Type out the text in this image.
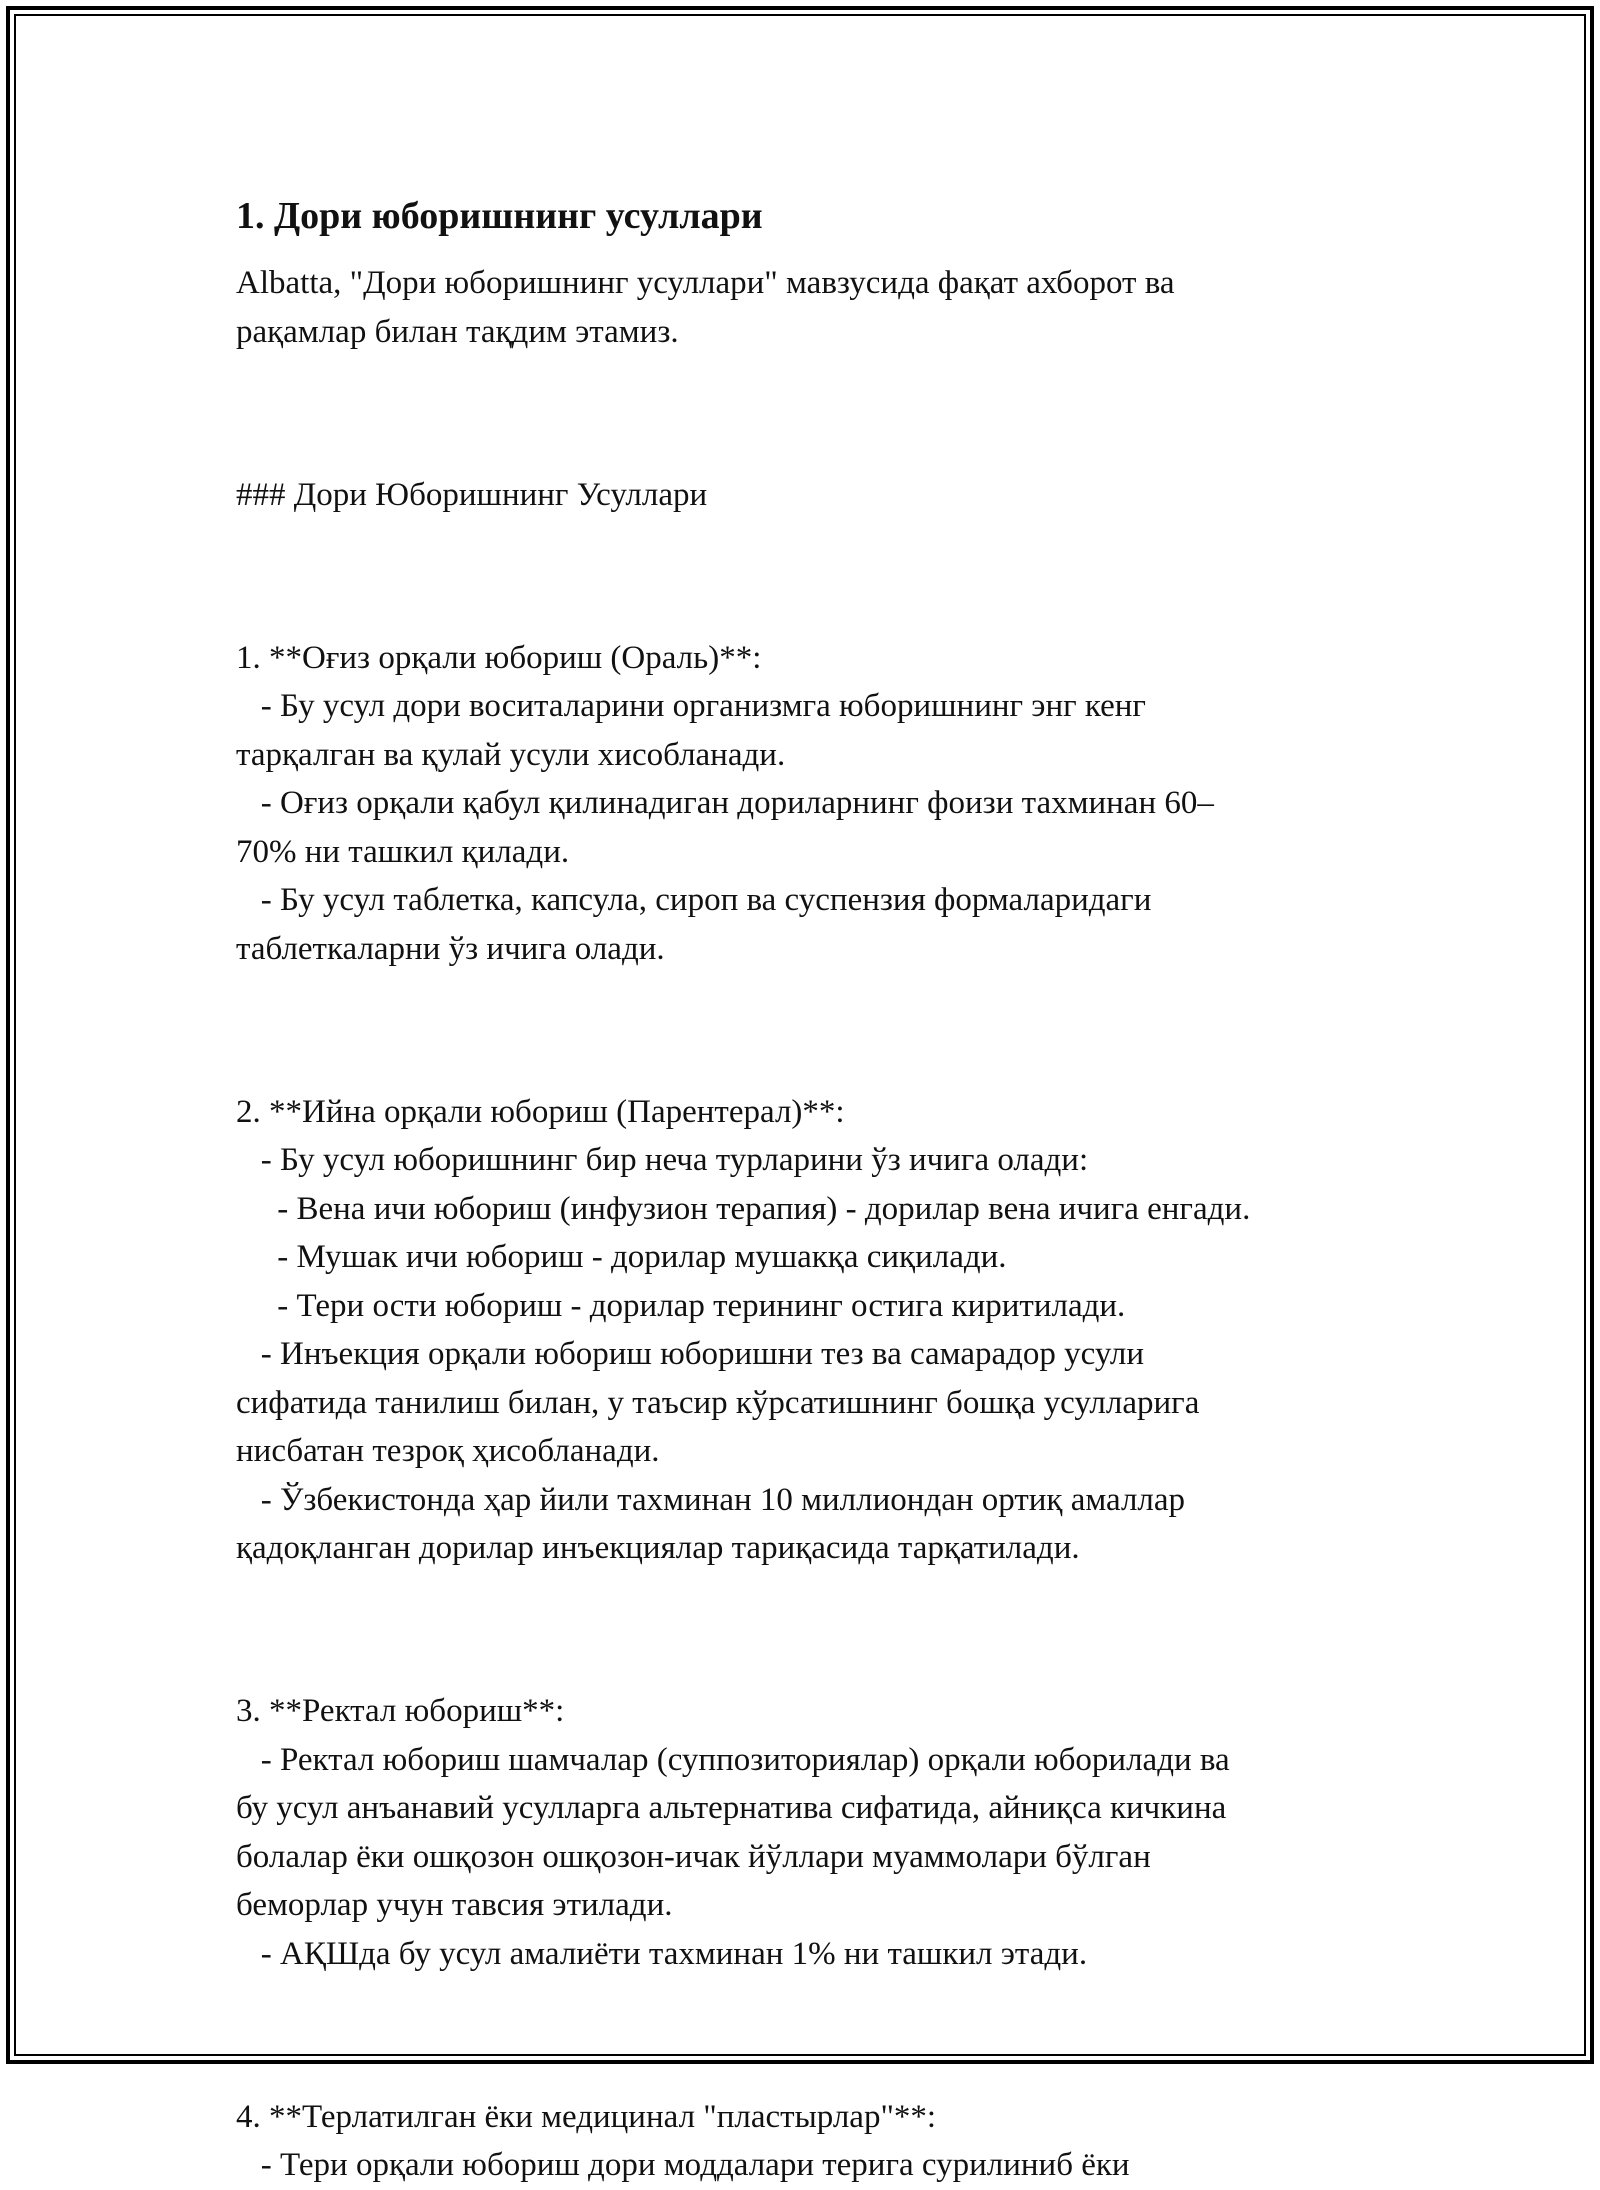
1. Дори юборишнинг усуллари

Albatta, "Дори юборишнинг усуллари" мавзусида фақат ахборот ва

рақамлар билан тақдим этамиз.

### Дори Юборишнинг Усуллари

1. **Оғиз орқали юбориш (Ораль)**:

- Бу усул дори воситаларини организмга юборишнинг энг кенг

тарқалган ва қулай усули хисобланади.

- Оғиз орқали қабул қилинадиган дориларнинг фоизи тахминан 60–

70% ни ташкил қилади.

- Бу усул таблетка, капсула, сироп ва суспензия формаларидаги

таблеткаларни ўз ичига олади.

2. **Ийна орқали юбориш (Парентерал)**:

- Бу усул юборишнинг бир неча турларини ўз ичига олади:

- Вена ичи юбориш (инфузион терапия) - дорилар вена ичига енгади.

- Мушак ичи юбориш - дорилар мушакқа сиқилади.

- Тери ости юбориш - дорилар терининг остига киритилади.

- Инъекция орқали юбориш юборишни тез ва самарадор усули

сифатида танилиш билан, у таъсир кўрсатишнинг бошқа усулларига

нисбатан тезроқ ҳисобланади.

- Ўзбекистонда ҳар йили тахминан 10 миллиондан ортиқ амаллар

қадоқланган дорилар инъекциялар тариқасида тарқатилади.

3. **Ректал юбориш**:

- Ректал юбориш шамчалар (суппозиториялар) орқали юборилади ва

бу усул анъанавий усулларга альтернатива сифатида, айниқса кичкина

болалар ёки ошқозон ошқозон-ичак йўллари муаммолари бўлган

беморлар учун тавсия этилади.

- АҚШда бу усул амалиёти тахминан 1% ни ташкил этади.

4. **Терлатилган ёки медицинал "пластырлар"**:

- Тери орқали юбориш дори моддалари терига сурилиниб ёки
